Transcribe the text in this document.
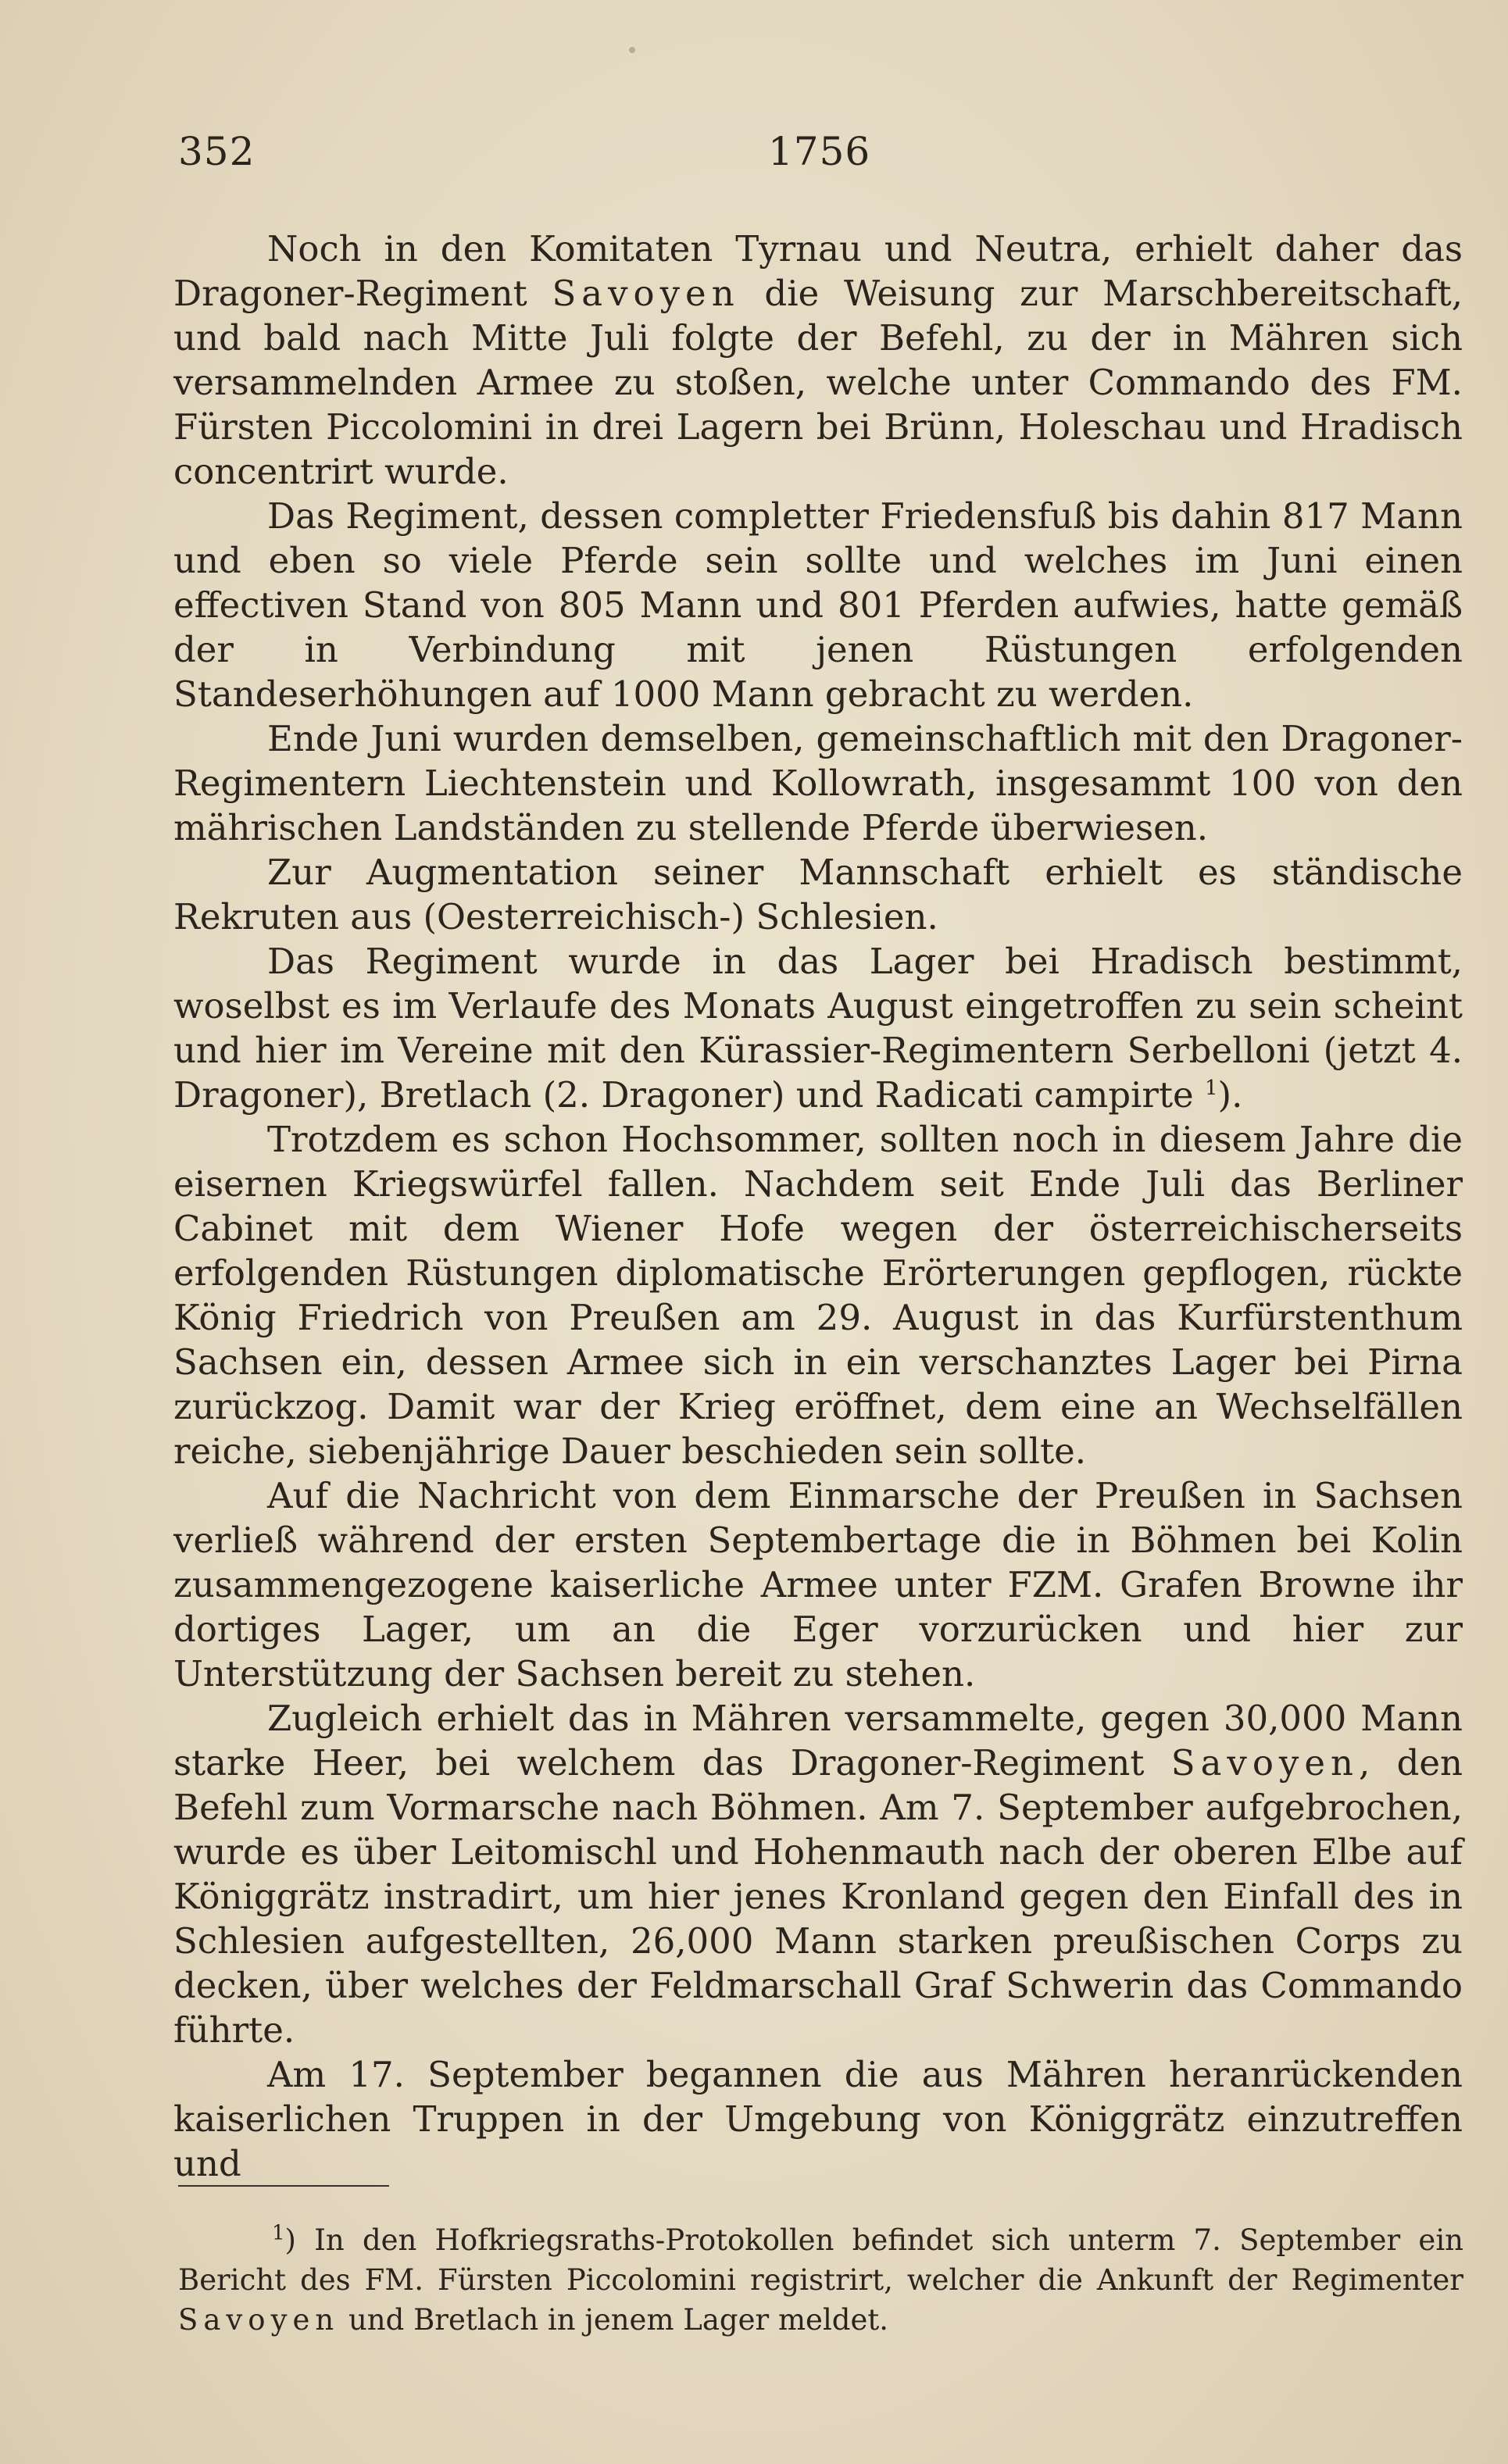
352	1756

Noch in den Komitaten Tyrnau und Neutra, erhielt daher das Dragoner-Regiment Savoyen die Weisung zur Marschbereitschaft, und bald nach Mitte Juli folgte der Befehl, zu der in Mähren sich versammelnden Armee zu stoßen, welche unter Commando des FM. Fürsten Piccolomini in drei Lagern bei Brünn, Holeschau und Hradisch concentrirt wurde.

Das Regiment, dessen completter Friedensfuß bis dahin 817 Mann und eben so viele Pferde sein sollte und welches im Juni einen effectiven Stand von 805 Mann und 801 Pferden aufwies, hatte gemäß der in Verbindung mit jenen Rüstungen erfolgenden Standeserhöhungen auf 1000 Mann gebracht zu werden.

Ende Juni wurden demselben, gemeinschaftlich mit den Dragoner-Regimentern Liechtenstein und Kollowrath, insgesammt 100 von den mährischen Landständen zu stellende Pferde überwiesen.

Zur Augmentation seiner Mannschaft erhielt es ständische Rekruten aus (Oesterreichisch-) Schlesien.

Das Regiment wurde in das Lager bei Hradisch bestimmt, woselbst es im Verlaufe des Monats August eingetroffen zu sein scheint und hier im Vereine mit den Kürassier-Regimentern Serbelloni (jetzt 4. Dragoner), Bretlach (2. Dragoner) und Radicati campirte $^1$).

Trotzdem es schon Hochsommer, sollten noch in diesem Jahre die eisernen Kriegswürfel fallen. Nachdem seit Ende Juli das Berliner Cabinet mit dem Wiener Hofe wegen der österreichischerseits erfolgenden Rüstungen diplomatische Erörterungen gepflogen, rückte König Friedrich von Preußen am 29. August in das Kurfürstenthum Sachsen ein, dessen Armee sich in ein verschanztes Lager bei Pirna zurückzog. Damit war der Krieg eröffnet, dem eine an Wechselfällen reiche, siebenjährige Dauer beschieden sein sollte.

Auf die Nachricht von dem Einmarsche der Preußen in Sachsen verließ während der ersten Septembertage die in Böhmen bei Kolin zusammengezogene kaiserliche Armee unter FZM. Grafen Browne ihr dortiges Lager, um an die Eger vorzurücken und hier zur Unterstützung der Sachsen bereit zu stehen.

Zugleich erhielt das in Mähren versammelte, gegen 30,000 Mann starke Heer, bei welchem das Dragoner-Regiment Savoyen, den Befehl zum Vormarsche nach Böhmen. Am 7. September aufgebrochen, wurde es über Leitomischl und Hohenmauth nach der oberen Elbe auf Königgrätz instradirt, um hier jenes Kronland gegen den Einfall des in Schlesien aufgestellten, 26,000 Mann starken preußischen Corps zu decken, über welches der Feldmarschall Graf Schwerin das Commando führte.

Am 17. September begannen die aus Mähren heranrückenden kaiserlichen Truppen in der Umgebung von Königgrätz einzutreffen und

$^1$) In den Hofkriegsraths-Protokollen befindet sich unterm 7. September ein Bericht des FM. Fürsten Piccolomini registrirt, welcher die Ankunft der Regimenter Savoyen und Bretlach in jenem Lager meldet.
